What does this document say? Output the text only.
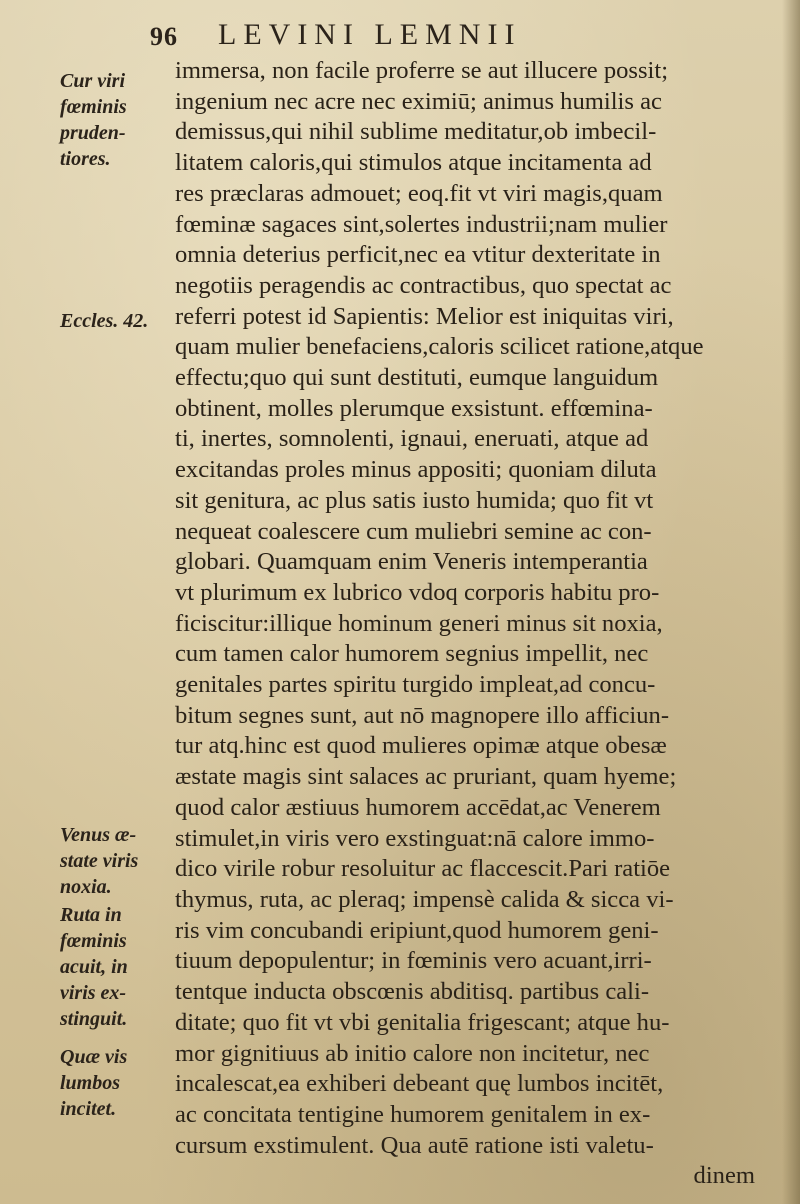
96 LEVINI LEMNII
Cur viri
fœminis
pruden-
tiores.
Eccles. 42.
Venus æ-
state viris
noxia.
Ruta in
fœminis
acuit, in
viris ex-
stinguit.
Quæ vis
lumbos
incitet.
immersa, non facile proferre se aut illucere possit;
ingenium nec acre nec eximiū; animus humilis ac
demissus,qui nihil sublime meditatur,ob imbecil-
litatem caloris,qui stimulos atque incitamenta ad
res præclaras admouet; eoq.fit vt viri magis,quam
fœminæ sagaces sint,solertes industrii;nam mulier
omnia deterius perficit,nec ea vtitur dexteritate in
negotiis peragendis ac contractibus, quo spectat ac
referri potest id Sapientis: Melior est iniquitas viri,
quam mulier benefaciens,caloris scilicet ratione,atque
effectu;quo qui sunt destituti, eumque languidum
obtinent, molles plerumque exsistunt. effœmina-
ti, inertes, somnolenti, ignaui, eneruati, atque ad
excitandas proles minus appositi; quoniam diluta
sit genitura, ac plus satis iusto humida; quo fit vt
nequeat coalescere cum muliebri semine ac con-
globari. Quamquam enim Veneris intemperantia
vt plurimum ex lubrico vdoq corporis habitu pro-
ficiscitur:illique hominum generi minus sit noxia,
cum tamen calor humorem segnius impellit, nec
genitales partes spiritu turgido impleat,ad concu-
bitum segnes sunt, aut nō magnopere illo afficiun-
tur atq.hinc est quod mulieres opimæ atque obesæ
æstate magis sint salaces ac pruriant, quam hyeme;
quod calor æstiuus humorem accēdat,ac Venerem
stimulet,in viris vero exstinguat:nā calore immo-
dico virile robur resoluitur ac flaccescit.Pari ratiōe
thymus, ruta, ac pleraq; impensè calida & sicca vi-
ris vim concubandi eripiunt,quod humorem geni-
tiuum depopulentur; in fœminis vero acuant,irri-
tentque inducta obscœnis abditisq. partibus cali-
ditate; quo fit vt vbi genitalia frigescant; atque hu-
mor gignitiuus ab initio calore non incitetur, nec
incalescat,ea exhiberi debeant quę lumbos incitēt,
ac concitata tentigine humorem genitalem in ex-
cursum exstimulent. Qua autē ratione isti valetu-
dinem
